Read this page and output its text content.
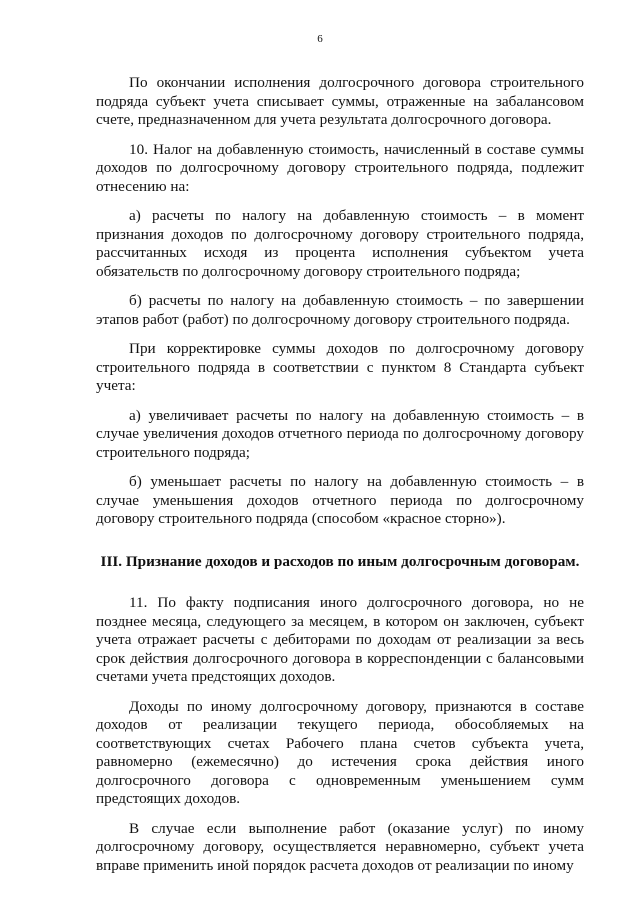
6

По окончании исполнения долгосрочного договора строительного подряда субъект учета списывает суммы, отраженные на забалансовом счете, предназначенном для учета результата долгосрочного договора.

10. Налог на добавленную стоимость, начисленный в составе суммы доходов по долгосрочному договору строительного подряда, подлежит отнесению на:

а) расчеты по налогу на добавленную стоимость – в момент признания доходов по долгосрочному договору строительного подряда, рассчитанных исходя из процента исполнения субъектом учета обязательств по долгосрочному договору строительного подряда;

б) расчеты по налогу на добавленную стоимость – по завершении этапов работ (работ) по долгосрочному договору строительного подряда.

При корректировке суммы доходов по долгосрочному договору строительного подряда в соответствии с пунктом 8 Стандарта субъект учета:

а) увеличивает расчеты по налогу на добавленную стоимость – в случае увеличения доходов отчетного периода по долгосрочному договору строительного подряда;

б) уменьшает расчеты по налогу на добавленную стоимость – в случае уменьшения доходов отчетного периода по долгосрочному договору строительного подряда (способом «красное сторно»).

III. Признание доходов и расходов по иным долгосрочным договорам.

11. По факту подписания иного долгосрочного договора, но не позднее месяца, следующего за месяцем, в котором он заключен, субъект учета отражает расчеты с дебиторами по доходам от реализации за весь срок действия долгосрочного договора в корреспонденции с балансовыми счетами учета предстоящих доходов.

Доходы по иному долгосрочному договору, признаются в составе доходов от реализации текущего периода, обособляемых на соответствующих счетах Рабочего плана счетов субъекта учета, равномерно (ежемесячно) до истечения срока действия иного долгосрочного договора с одновременным уменьшением сумм предстоящих доходов.

В случае если выполнение работ (оказание услуг) по иному долгосрочному договору, осуществляется неравномерно, субъект учета вправе применить иной порядок расчета доходов от реализации по иному
